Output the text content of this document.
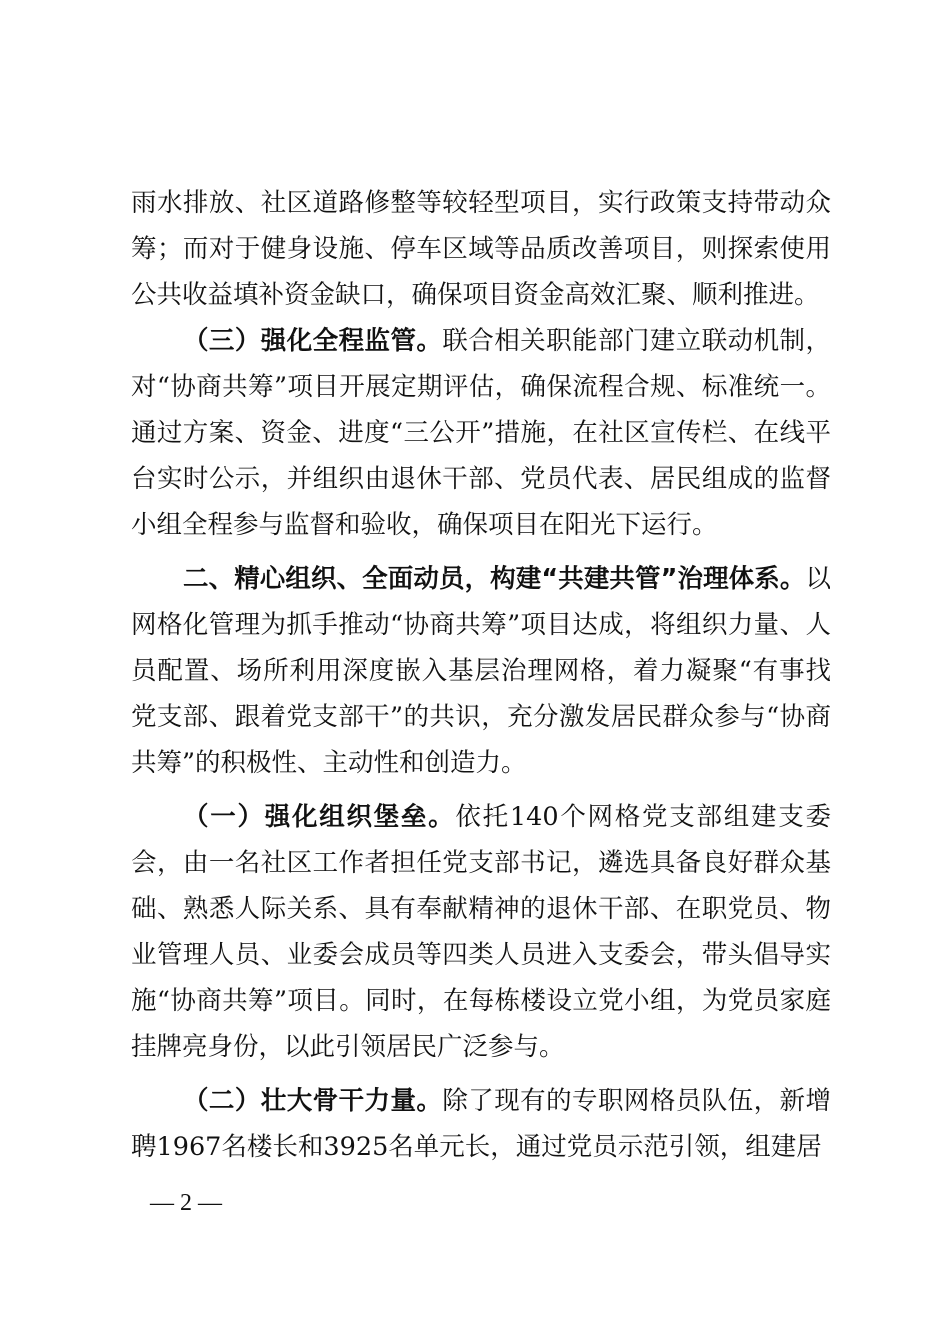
雨水排放、社区道路修整等较轻型项目，实行政策支持带动众筹；而对于健身设施、停车区域等品质改善项目，则探索使用公共收益填补资金缺口，确保项目资金高效汇聚、顺利推进。

（三）强化全程监管。联合相关职能部门建立联动机制，对“协商共筹”项目开展定期评估，确保流程合规、标准统一。通过方案、资金、进度“三公开”措施，在社区宣传栏、在线平台实时公示，并组织由退休干部、党员代表、居民组成的监督小组全程参与监督和验收，确保项目在阳光下运行。

二、精心组织、全面动员，构建“共建共管”治理体系。以网格化管理为抓手推动“协商共筹”项目达成，将组织力量、人员配置、场所利用深度嵌入基层治理网格，着力凝聚“有事找党支部、跟着党支部干”的共识，充分激发居民群众参与“协商共筹”的积极性、主动性和创造力。

（一）强化组织堡垒。依托140个网格党支部组建支委会，由一名社区工作者担任党支部书记，遴选具备良好群众基础、熟悉人际关系、具有奉献精神的退休干部、在职党员、物业管理人员、业委会成员等四类人员进入支委会，带头倡导实施“协商共筹”项目。同时，在每栋楼设立党小组，为党员家庭挂牌亮身份，以此引领居民广泛参与。

（二）壮大骨干力量。除了现有的专职网格员队伍，新增聘1967名楼长和3925名单元长，通过党员示范引领，组建居

— 2 —
